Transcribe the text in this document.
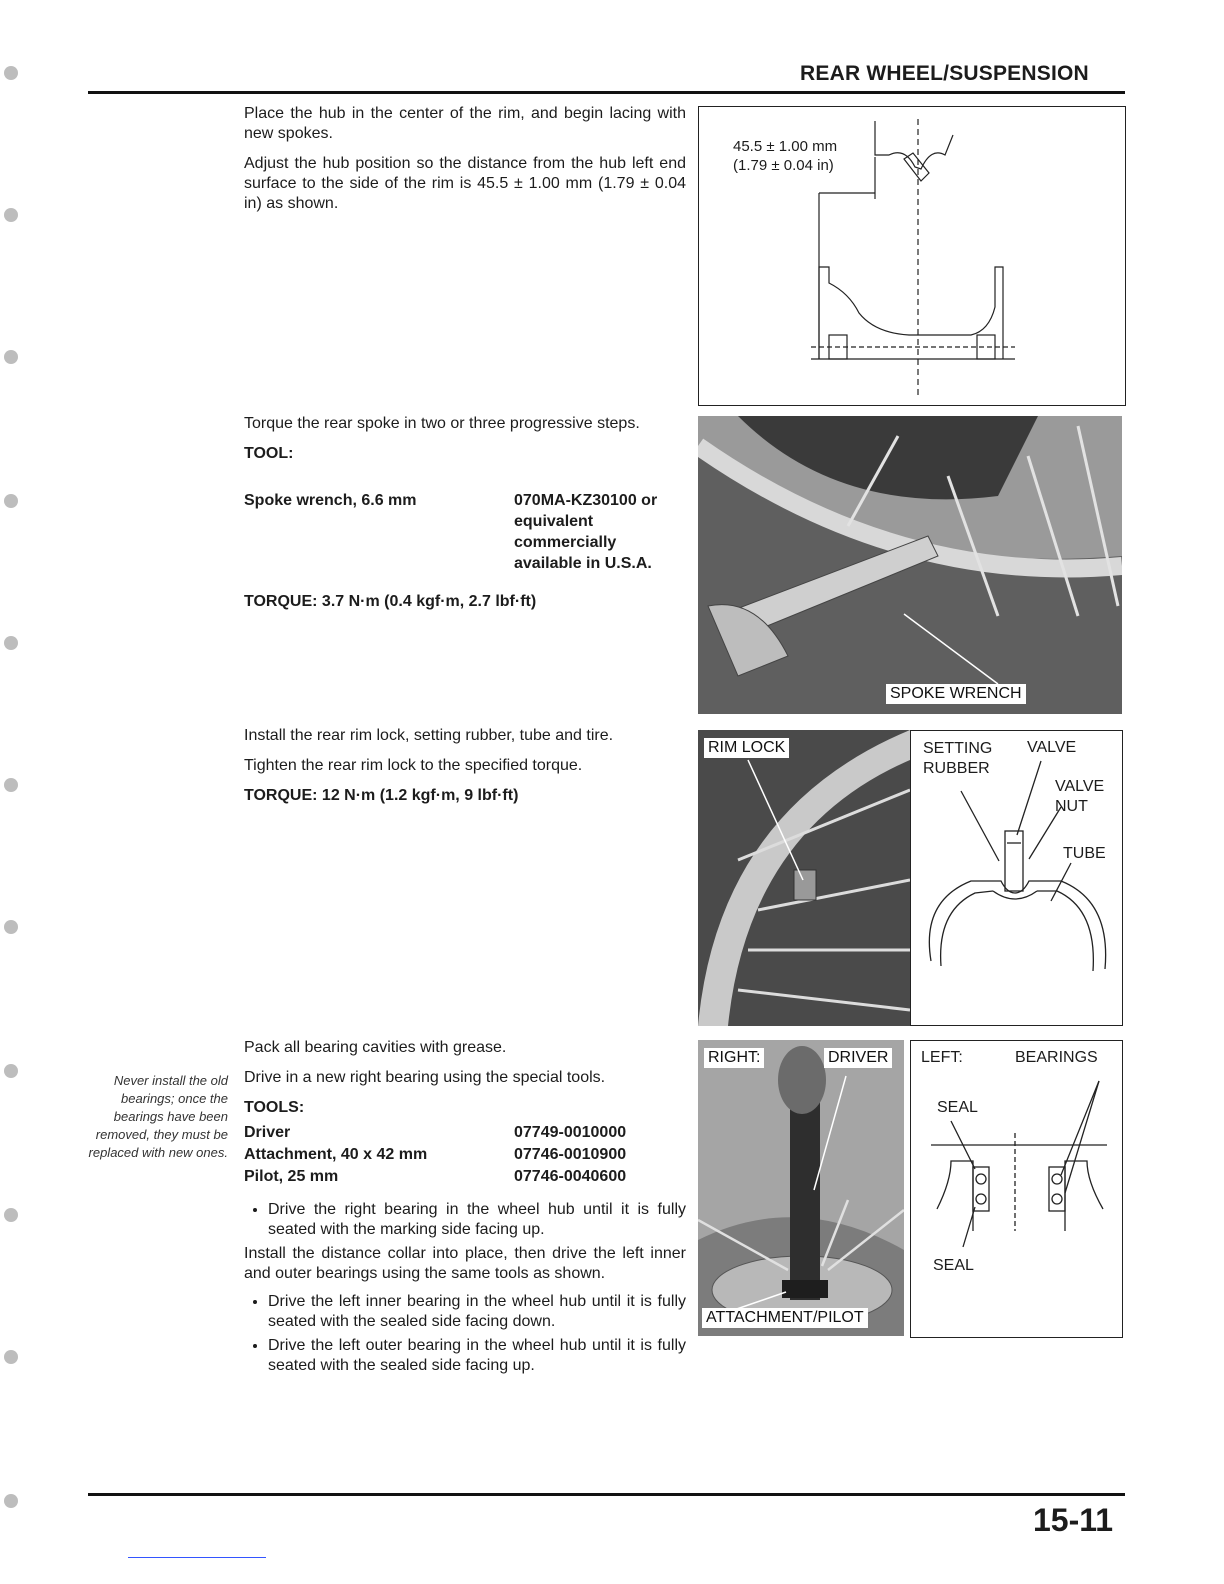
REAR WHEEL/SUSPENSION

Place the hub in the center of the rim, and begin lacing with new spokes.

Adjust the hub position so the distance from the hub left end surface to the side of the rim is 45.5 ± 1.00 mm (1.79 ± 0.04 in) as shown.

45.5 ± 1.00 mm
(1.79 ± 0.04 in)

Torque the rear spoke in two or three progressive steps.

TOOL:

Spoke wrench, 6.6 mm	070MA-KZ30100 or equivalent commercially available in U.S.A.
TORQUE: 3.7 N·m (0.4 kgf·m, 2.7 lbf·ft)
SPOKE WRENCH

Install the rear rim lock, setting rubber, tube and tire.

Tighten the rear rim lock to the specified torque.

TORQUE: 12 N·m (1.2 kgf·m, 9 lbf·ft)

RIM LOCK	SETTING
RUBBER
VALVE
VALVE
NUT
TUBE
Never install the old bearings; once the bearings have been removed, they must be replaced with new ones.

Pack all bearing cavities with grease.

Drive in a new right bearing using the special tools.

TOOLS:

Driver	07749-0010000
Attachment, 40 x 42 mm	07746-0010900
Pilot, 25 mm	07746-0040600
• Drive the right bearing in the wheel hub until it is fully seated with the marking side facing up.

Install the distance collar into place, then drive the left inner and outer bearings using the same tools as shown.

• Drive the left inner bearing in the wheel hub until it is fully seated with the sealed side facing down.
• Drive the left outer bearing in the wheel hub until it is fully seated with the sealed side facing up.
RIGHT:	DRIVER
ATTACHMENT/PILOT
LEFT:	BEARINGS
SEAL
SEAL
15-11
